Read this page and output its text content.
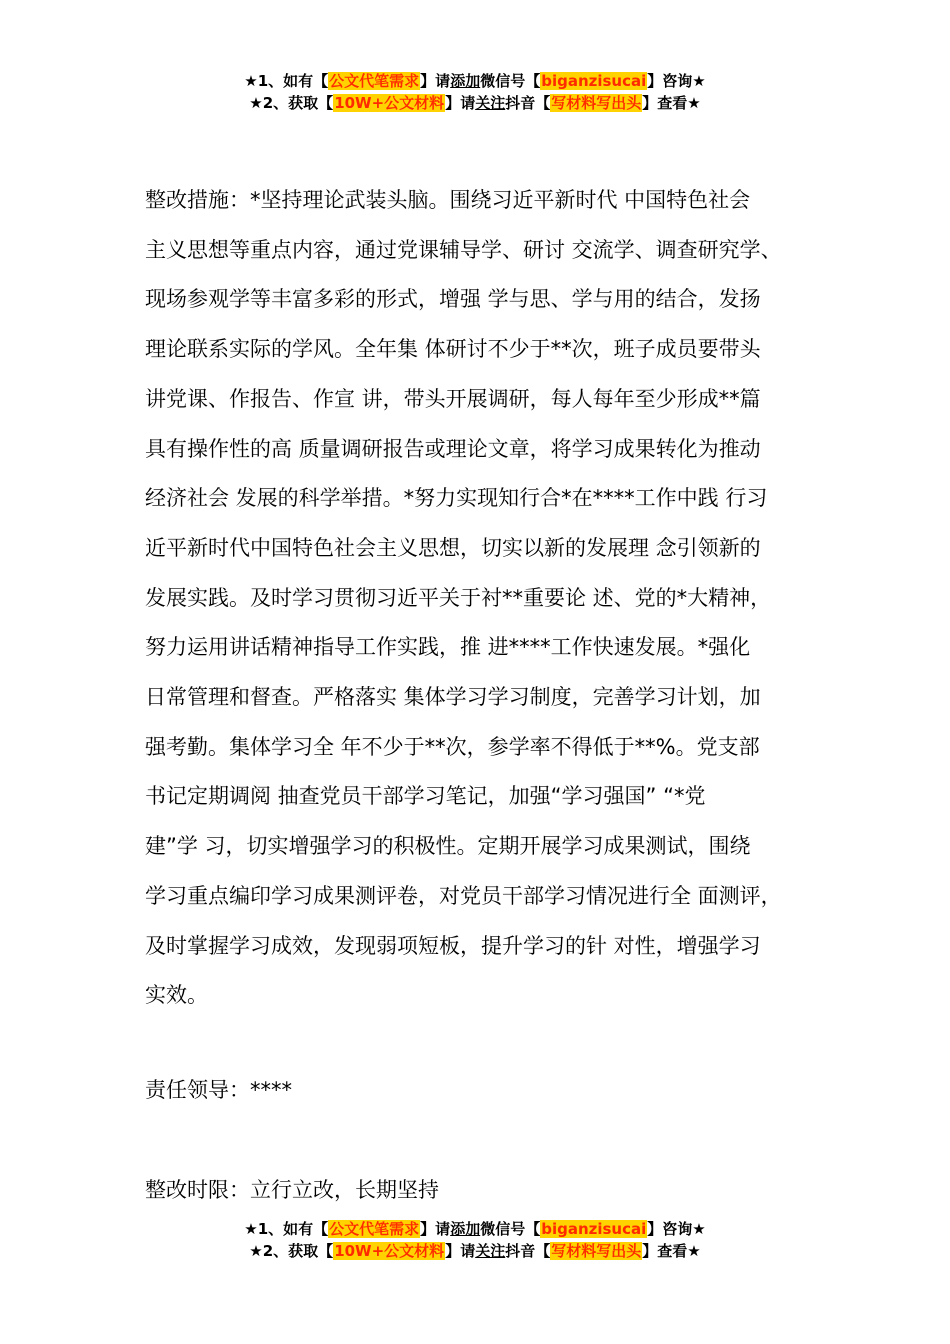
★1、如有【公文代笔需求】请添加微信号【biganzisucai】咨询★
★2、获取【10W+公文材料】请关注抖音【写材料写出头】查看★

整改措施：*坚持理论武装头脑。围绕习近平新时代 中国特色社会
主义思想等重点内容，通过党课辅导学、研讨 交流学、调查研究学、
现场参观学等丰富多彩的形式，增强 学与思、学与用的结合，发扬
理论联系实际的学风。全年集 体研讨不少于**次，班子成员要带头
讲党课、作报告、作宣 讲，带头开展调研，每人每年至少形成**篇
具有操作性的高 质量调研报告或理论文章，将学习成果转化为推动
经济社会 发展的科学举措。*努力实现知行合*在****工作中践 行习
近平新时代中国特色社会主义思想，切实以新的发展理 念引领新的
发展实践。及时学习贯彻习近平关于衬**重要论 述、党的*大精神，
努力运用讲话精神指导工作实践，推 进****工作快速发展。*强化
日常管理和督查。严格落实 集体学习学习制度，完善学习计划，加
强考勤。集体学习全 年不少于**次，参学率不得低于**%。党支部
书记定期调阅 抽查党员干部学习笔记，加强“学习强国” “*党
建”学 习，切实增强学习的积极性。定期开展学习成果测试，围绕
学习重点编印学习成果测评卷，对党员干部学习情况进行全 面测评，
及时掌握学习成效，发现弱项短板，提升学习的针 对性，增强学习
实效。

责任领导：****

整改时限：立行立改，长期坚持

★1、如有【公文代笔需求】请添加微信号【biganzisucai】咨询★
★2、获取【10W+公文材料】请关注抖音【写材料写出头】查看★
